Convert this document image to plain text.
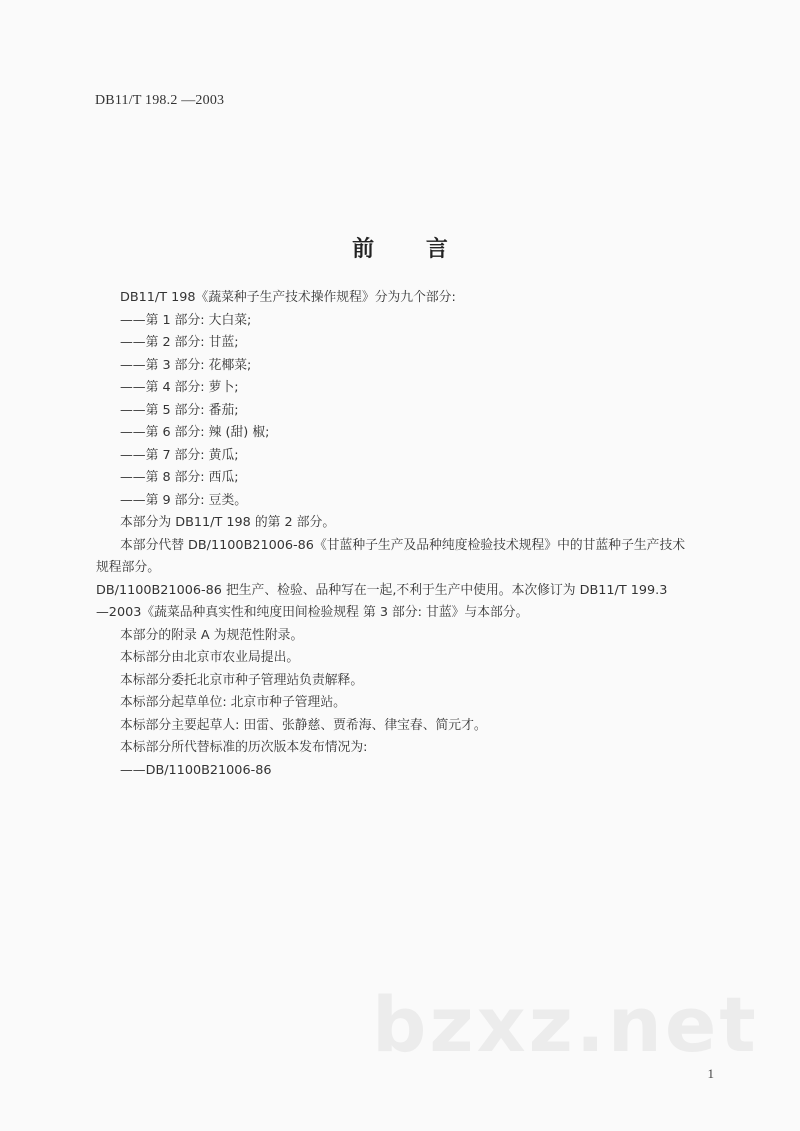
DB11/T 198.2 —2003
前 言
DB11/T 198《蔬菜种子生产技术操作规程》分为九个部分:
——第 1 部分: 大白菜;
——第 2 部分: 甘蓝;
——第 3 部分: 花椰菜;
——第 4 部分: 萝卜;
——第 5 部分: 番茄;
——第 6 部分: 辣 (甜) 椒;
——第 7 部分: 黄瓜;
——第 8 部分: 西瓜;
——第 9 部分: 豆类。
本部分为 DB11/T 198 的第 2 部分。
本部分代替 DB/1100B21006-86《甘蓝种子生产及品种纯度检验技术规程》中的甘蓝种子生产技术
规程部分。
DB/1100B21006-86 把生产、检验、品种写在一起,不利于生产中使用。本次修订为 DB11/T 199.3
—2003《蔬菜品种真实性和纯度田间检验规程 第 3 部分: 甘蓝》与本部分。
本部分的附录 A 为规范性附录。
本标部分由北京市农业局提出。
本标部分委托北京市种子管理站负责解释。
本标部分起草单位: 北京市种子管理站。
本标部分主要起草人: 田雷、张静慈、贾希海、律宝春、简元才。
本标部分所代替标准的历次版本发布情况为:
——DB/1100B21006-86
bzxz.net
1
